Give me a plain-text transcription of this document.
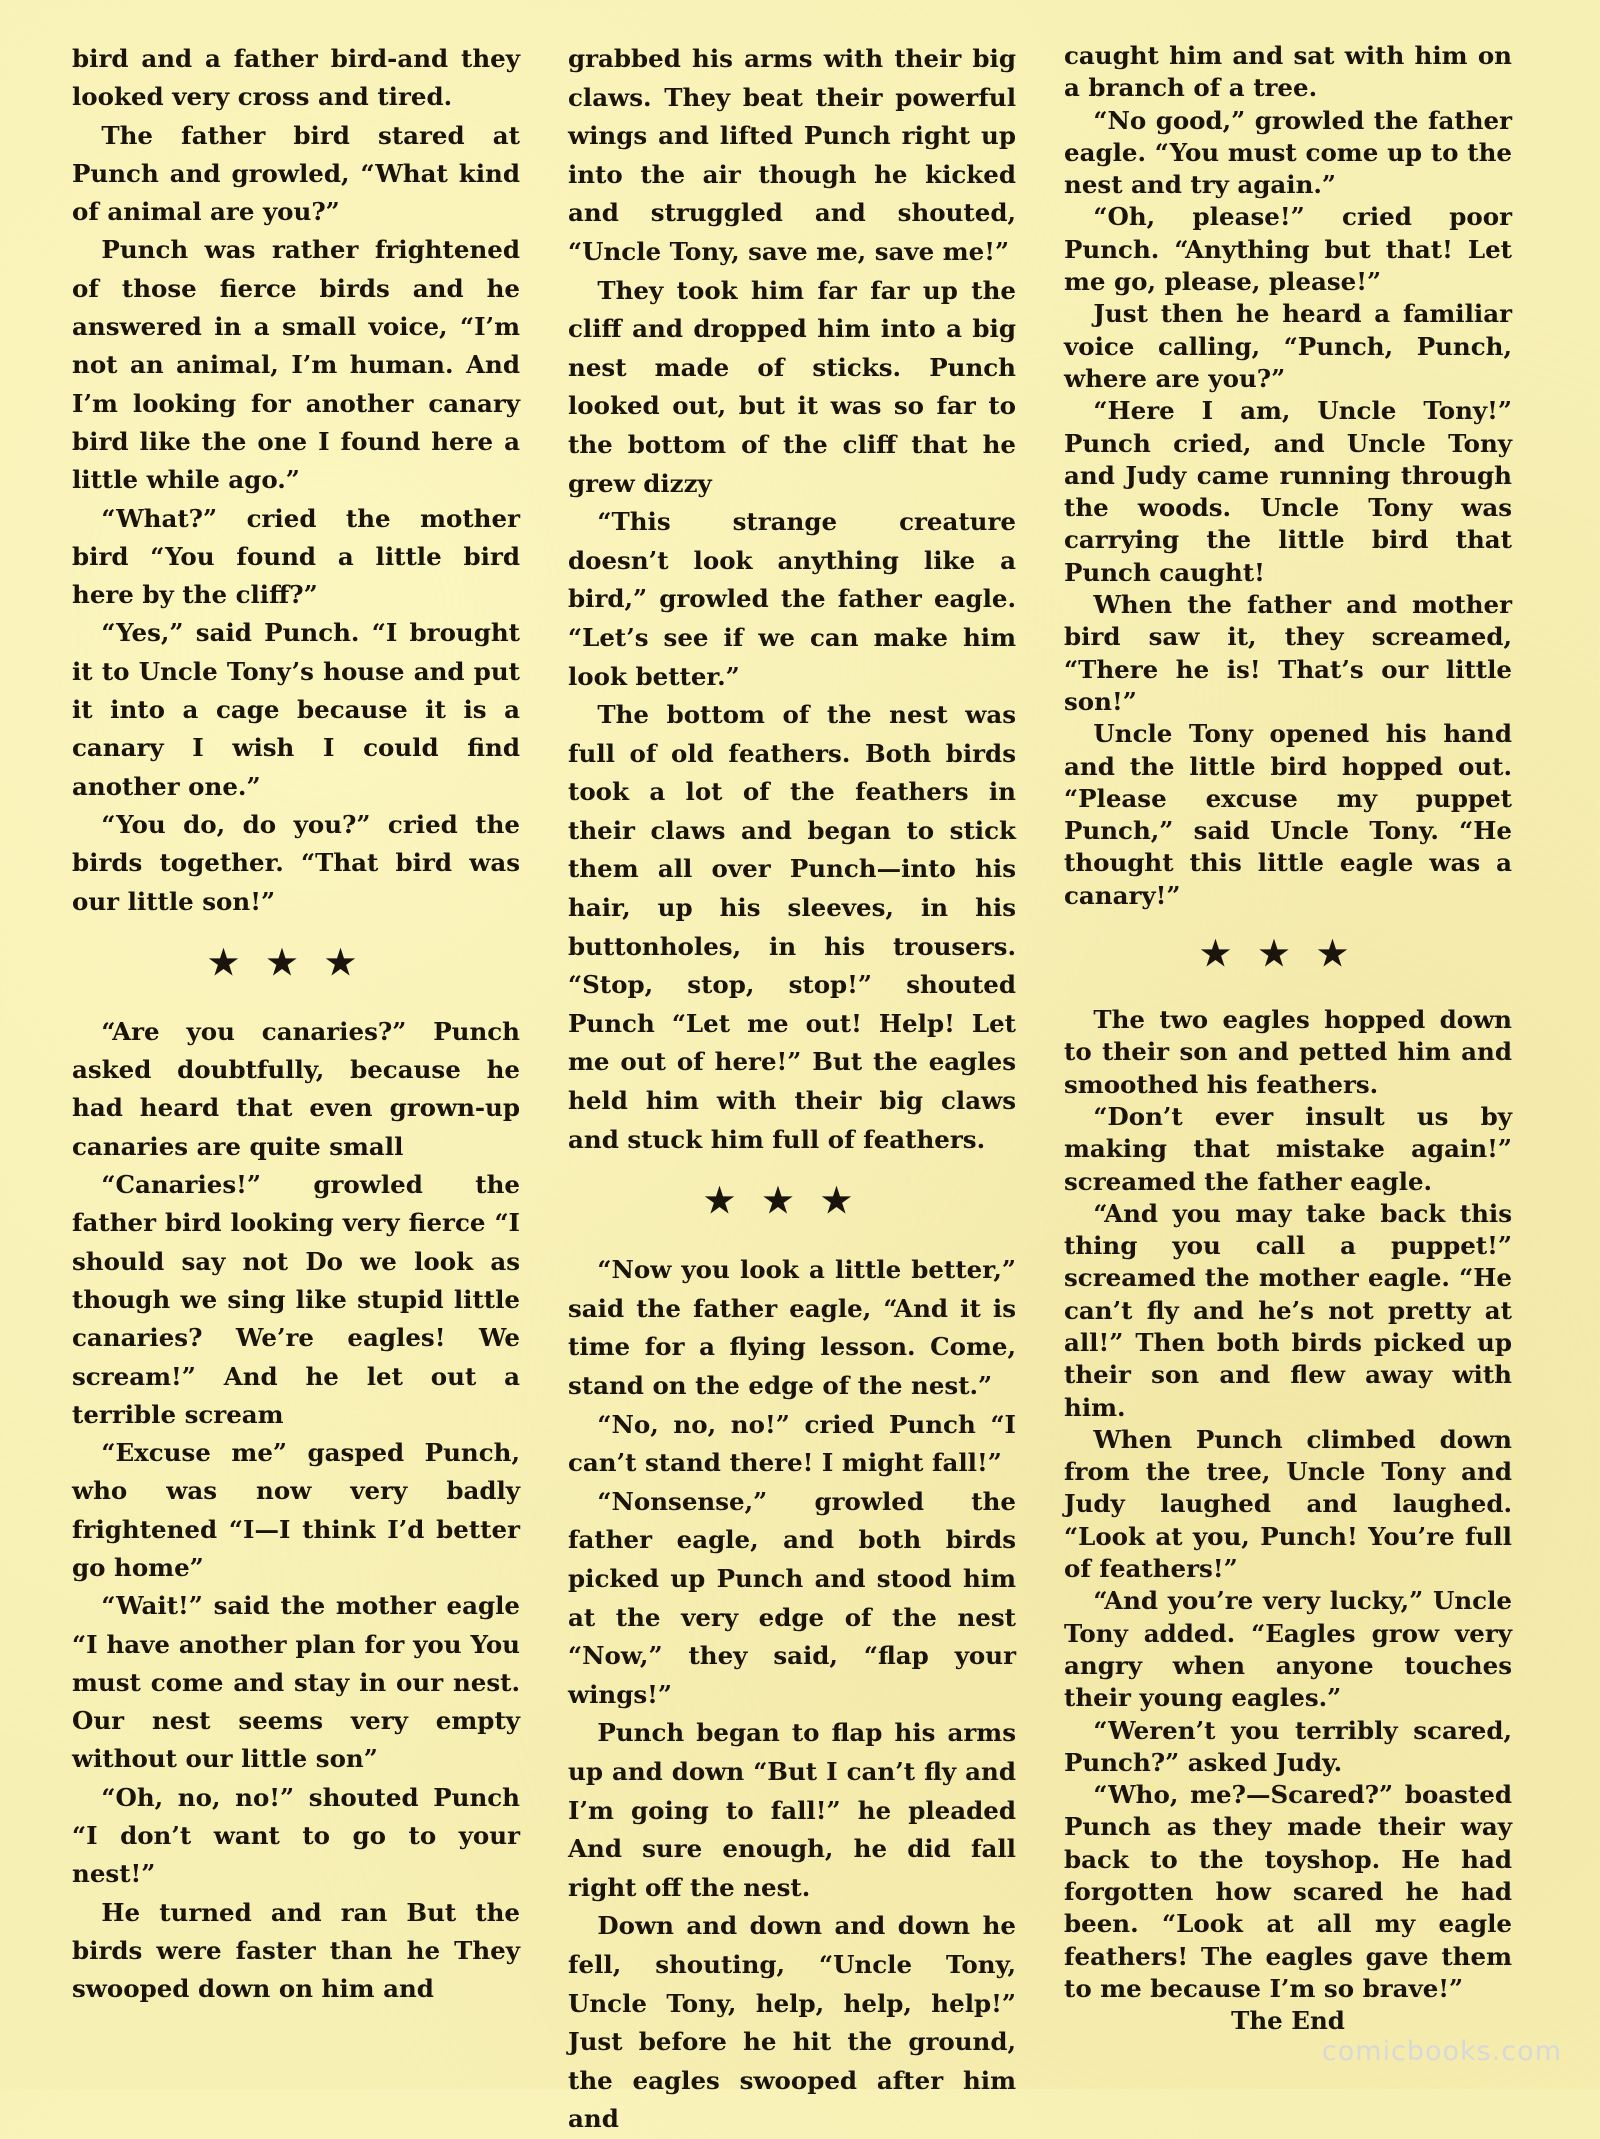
bird and a father bird-and they looked very cross and tired.

The father bird stared at Punch and growled, “What kind of animal are you?”

Punch was rather frightened of those fierce birds and he answered in a small voice, “I’m not an animal, I’m human. And I’m looking for another canary bird like the one I found here a little while ago.”

“What?” cried the mother bird “You found a little bird here by the cliff?”

“Yes,” said Punch. “I brought it to Uncle Tony’s house and put it into a cage because it is a canary I wish I could find another one.”

“You do, do you?” cried the birds together. “That bird was our little son!”

★★★

“Are you canaries?” Punch asked doubtfully, because he had heard that even grown-up canaries are quite small

“Canaries!” growled the father bird looking very fierce “I should say not Do we look as though we sing like stupid little canaries? We’re eagles! We scream!” And he let out a terrible scream

“Excuse me” gasped Punch, who was now very badly frightened “I—I think I’d better go home”

“Wait!” said the mother eagle “I have another plan for you You must come and stay in our nest. Our nest seems very empty without our little son”

“Oh, no, no!” shouted Punch “I don’t want to go to your nest!”

He turned and ran But the birds were faster than he They swooped down on him and

grabbed his arms with their big claws. They beat their powerful wings and lifted Punch right up into the air though he kicked and struggled and shouted, “Uncle Tony, save me, save me!”

They took him far far up the cliff and dropped him into a big nest made of sticks. Punch looked out, but it was so far to the bottom of the cliff that he grew dizzy

“This strange creature doesn’t look anything like a bird,” growled the father eagle. “Let’s see if we can make him look better.”

The bottom of the nest was full of old feathers. Both birds took a lot of the feathers in their claws and began to stick them all over Punch—into his hair, up his sleeves, in his buttonholes, in his trousers. “Stop, stop, stop!” shouted Punch “Let me out! Help! Let me out of here!” But the eagles held him with their big claws and stuck him full of feathers.

★★★

“Now you look a little better,” said the father eagle, “And it is time for a flying lesson. Come, stand on the edge of the nest.”

“No, no, no!” cried Punch “I can’t stand there! I might fall!”

“Nonsense,” growled the father eagle, and both birds picked up Punch and stood him at the very edge of the nest “Now,” they said, “flap your wings!”

Punch began to flap his arms up and down “But I can’t fly and I’m going to fall!” he pleaded And sure enough, he did fall right off the nest.

Down and down and down he fell, shouting, “Uncle Tony, Uncle Tony, help, help, help!” Just before he hit the ground, the eagles swooped after him and

caught him and sat with him on a branch of a tree.

“No good,” growled the father eagle. “You must come up to the nest and try again.”

“Oh, please!” cried poor Punch. “Anything but that! Let me go, please, please!”

Just then he heard a familiar voice calling, “Punch, Punch, where are you?”

“Here I am, Uncle Tony!” Punch cried, and Uncle Tony and Judy came running through the woods. Uncle Tony was carrying the little bird that Punch caught!

When the father and mother bird saw it, they screamed, “There he is! That’s our little son!”

Uncle Tony opened his hand and the little bird hopped out. “Please excuse my puppet Punch,” said Uncle Tony. “He thought this little eagle was a canary!”

★★★

The two eagles hopped down to their son and petted him and smoothed his feathers.

“Don’t ever insult us by making that mistake again!” screamed the father eagle.

“And you may take back this thing you call a puppet!” screamed the mother eagle. “He can’t fly and he’s not pretty at all!” Then both birds picked up their son and flew away with him.

When Punch climbed down from the tree, Uncle Tony and Judy laughed and laughed. “Look at you, Punch! You’re full of feathers!”

“And you’re very lucky,” Uncle Tony added. “Eagles grow very angry when anyone touches their young eagles.”

“Weren’t you terribly scared, Punch?” asked Judy.

“Who, me?—Scared?” boasted Punch as they made their way back to the toyshop. He had forgotten how scared he had been. “Look at all my eagle feathers! The eagles gave them to me because I’m so brave!”

The End

comicbooks.com
